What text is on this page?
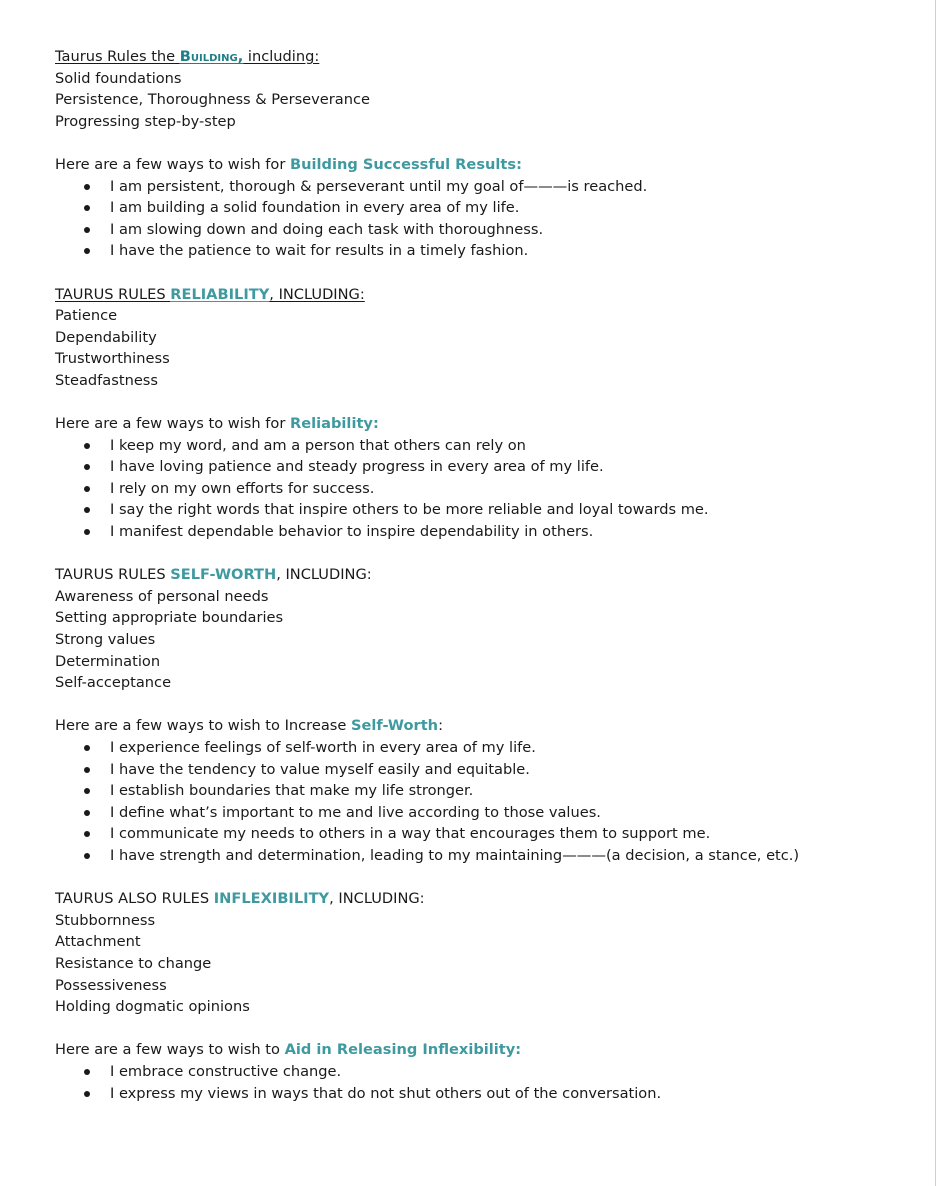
Taurus Rules the Building, including:
Solid foundations
Persistence, Thoroughness & Perseverance
Progressing step-by-step
Here are a few ways to wish for Building Successful Results:
I am persistent, thorough & perseverant until my goal of———is reached.
I am building a solid foundation in every area of my life.
I am slowing down and doing each task with thoroughness.
I have the patience to wait for results in a timely fashion.
TAURUS RULES RELIABILITY, INCLUDING:
Patience
Dependability
Trustworthiness
Steadfastness
Here are a few ways to wish for Reliability:
I keep my word, and am a person that others can rely on
I have loving patience and steady progress in every area of my life.
I rely on my own efforts for success.
I say the right words that inspire others to be more reliable and loyal towards me.
I manifest dependable behavior to inspire dependability in others.
TAURUS RULES SELF-WORTH, INCLUDING:
Awareness of personal needs
Setting appropriate boundaries
Strong values
Determination
Self-acceptance
Here are a few ways to wish to Increase Self-Worth:
I experience feelings of self-worth in every area of my life.
I have the tendency to value myself easily and equitable.
I establish boundaries that make my life stronger.
I define what’s important to me and live according to those values.
I communicate my needs to others in a way that encourages them to support me.
I have strength and determination, leading to my maintaining———(a decision, a stance, etc.)
TAURUS ALSO RULES INFLEXIBILITY, INCLUDING:
Stubbornness
Attachment
Resistance to change
Possessiveness
Holding dogmatic opinions
Here are a few ways to wish to Aid in Releasing Inflexibility:
I embrace constructive change.
I express my views in ways that do not shut others out of the conversation.
